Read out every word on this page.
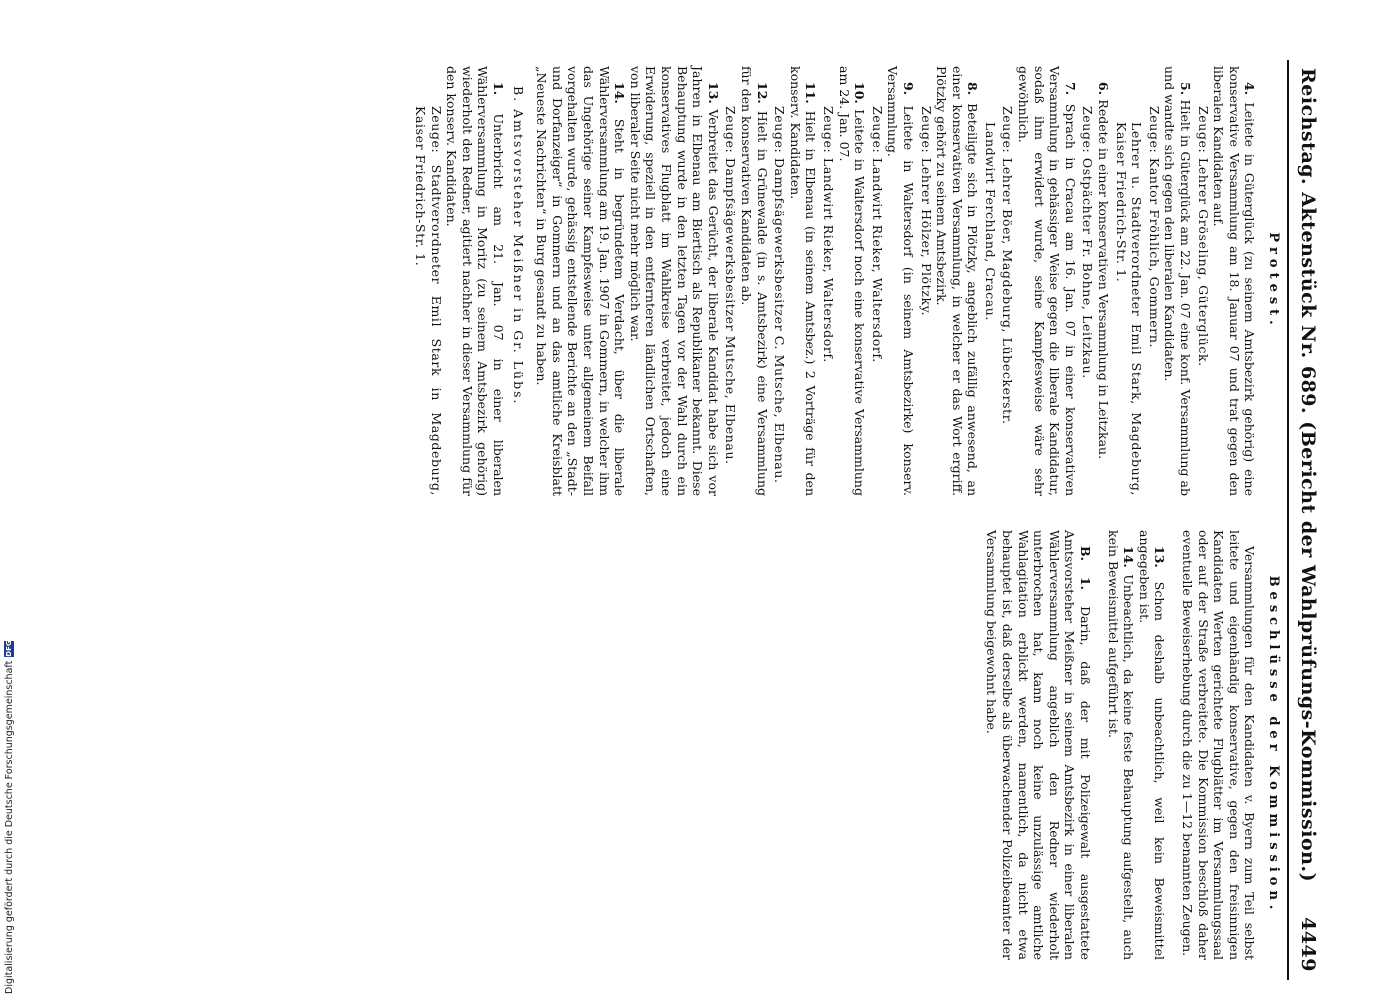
Digitalisierung gefördert durch die Deutsche Forschungsgemeinschaft
DFG	Reichstag. Aktenstück Nr. 689. (Bericht der Wahlprüfungs-Kommission.)
4449
Protest.

4. Leitete in Güterglück (zu seinem Amtsbezirk gehörig) eine konservative Versammlung am 18. Januar 07 und trat gegen den liberalen Kandidaten auf.

Zeuge: Lehrer Gröseling, Güterglück.

5. Hielt in Güterglück am 22. Jan. 07 eine konf. Versammlung ab und wandte sich gegen den liberalen Kandidaten.

Zeuge: Kantor Fröhlich, Gommern.

Lehrer u. Stadtverordneter Emil Stark, Magdeburg, Kaiser Friedrich-Str. 1.

6. Redete in einer konservativen Versammlung in Leitzkau.

Zeuge: Ostpächter Fr. Bohne, Leitzkau.

7. Sprach in Cracau am 16. Jan. 07 in einer konservativen Versammlung in gehässiger Weise gegen die liberale Kandidatur, sodaß ihm erwidert wurde, seine Kampfesweise wäre sehr gewöhnlich.

Zeuge: Lehrer Böer, Magdeburg, Lübeckerstr.

Landwirt Ferchland, Cracau.

8. Beteiligte sich in Plötzky, angeblich zufällig anwesend, an einer konservativen Versammlung, in welcher er das Wort ergriff. Plötzky gehört zu seinem Amtsbezirk.

Zeuge: Lehrer Hölzer, Plötzky.

9. Leitete in Waltersdorf (in seinem Amtsbezirke) konserv. Versammlung.

Zeuge: Landwirt Rieker, Waltersdorf.

10. Leitete in Waltersdorf noch eine konservative Versammlung am 24. Jan. 07.

Zeuge: Landwirt Rieker, Waltersdorf.

11. Hielt in Elbenau (in seinem Amtsbez.) 2 Vorträge für den konserv. Kandidaten.

Zeuge: Dampfsägewerksbesitzer C. Mutsche, Elbenau.

12. Hielt in Grünewalde (in s. Amtsbezirk) eine Versammlung für den konservativen Kandidaten ab.

Zeuge: Dampfsägewerksbesitzer Mutsche, Elbenau.

13. Verbreitet das Gerücht, der liberale Kandidat habe sich vor Jahren in Elbenau am Biertisch als Republikaner bekannt. Diese Behauptung wurde in den letzten Tagen vor der Wahl durch ein konservatives Flugblatt im Wahlkreise verbreitet, jedoch eine Erwiderung, speziell in den entfernteren ländlichen Ortschaften, von liberaler Seite nicht mehr möglich war.

14. Steht in begründetem Verdacht, über die liberale Wählerversammlung am 19. Jan. 1907 in Gommern, in welcher ihm das Ungehörige seiner Kampfesweise unter allgemeinem Beifall vorgehalten wurde, gehässig entstellende Berichte an den „Stadt- und Dorfanzeiger“ in Gommern und an das amtliche Kreisblatt „Neueste Nachrichten“ in Burg gesandt zu haben.

B. Amtsvorsteher Meißner in Gr. Lübs.

1. Unterbricht am 21. Jan. 07 in einer liberalen Wählerversammlung in Moritz (zu seinem Amtsbezirk gehörig) wiederholt den Redner, agitiert nachher in dieser Versammlung für den konserv. Kandidaten.

Zeuge: Stadtverordneter Emil Stark in Magdeburg, Kaiser Friedrich-Str. 1.

Beschlüsse der Kommission.

Versammlungen für den Kandidaten v. Byern zum Teil selbst leitete und eigenhändig konservative, gegen den freisinnigen Kandidaten Werten gerichtete Flugblätter im Versammlungssaal oder auf der Straße verbreitete. Die Kommission beschloß daher eventuelle Beweiserhebung durch die zu 1—12 benannten Zeugen.

13. Schon deshalb unbeachtlich, weil kein Beweismittel angegeben ist.

14. Unbeachtlich, da keine feste Behauptung aufgestellt, auch kein Beweismittel aufgeführt ist.

B. 1. Darin, daß der mit Polizeigewalt ausgestattete Amtsvorsteher Meißner in seinem Amtsbezirk in einer liberalen Wählerversammlung angeblich den Redner wiederholt unterbrochen hat, kann noch keine unzulässige amtliche Wahlagitation erblickt werden, namentlich, da nicht etwa behauptet ist, daß derselbe als überwachender Polizeibeamter der Versammlung beigewohnt habe.
